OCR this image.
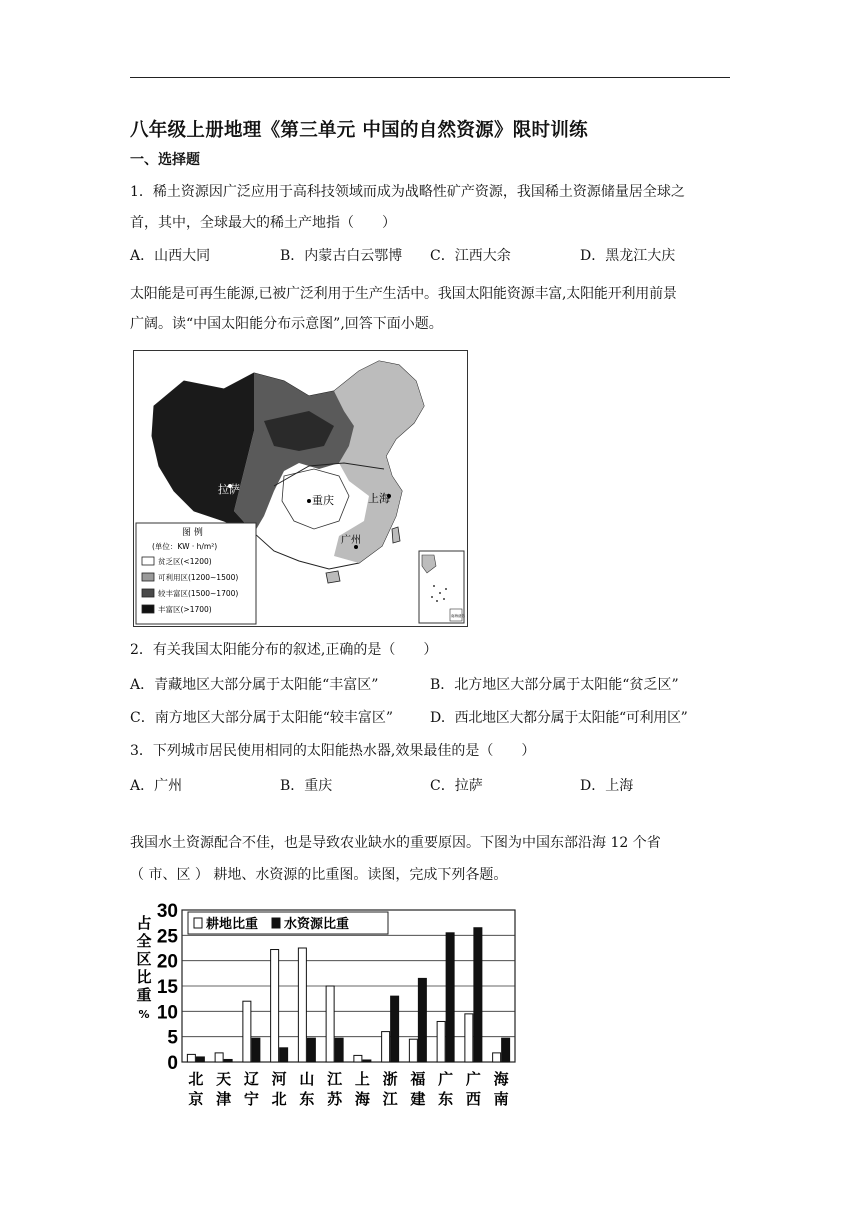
八年级上册地理《第三单元 中国的自然资源》限时训练
一、选择题
1．稀土资源因广泛应用于高科技领域而成为战略性矿产资源，我国稀土资源储量居全球之
首，其中，全球最大的稀土产地指（　　）
A．山西大同	B．内蒙古白云鄂博 C．江西大余	D．黑龙江大庆
太阳能是可再生能源,已被广泛利用于生产生活中。我国太阳能资源丰富,太阳能开利用前景
广阔。读“中国太阳能分布示意图”,回答下面小题。
拉萨
重庆	上海
广州
图 例
(单位：KW · h/m²)
贫乏区(<1200)
可利用区(1200~1500)
较丰富区(1500~1700)
丰富区(>1700)
南海诸岛
2．有关我国太阳能分布的叙述,正确的是（　　）
A．青藏地区大部分属于太阳能“丰富区”	B．北方地区大部分属于太阳能“贫乏区”
C．南方地区大部分属于太阳能“较丰富区”	D．西北地区大都分属于太阳能“可利用区”
3．下列城市居民使用相同的太阳能热水器,效果最佳的是（　　）
A．广州	B．重庆	C．拉萨	D．上海
我国水土资源配合不佳，也是导致农业缺水的重要原因。下图为中国东部沿海 12 个省
（ 市、区 ） 耕地、水资源的比重图。读图，完成下列各题。
占
全
区
比
重
%
0
5
10
15
20
25
30
北
京
天
津
辽
宁
河
北
山
东
江
苏
上
海
浙
江
福
建
广
东
广
西
海
南
耕地比重 水资源比重
